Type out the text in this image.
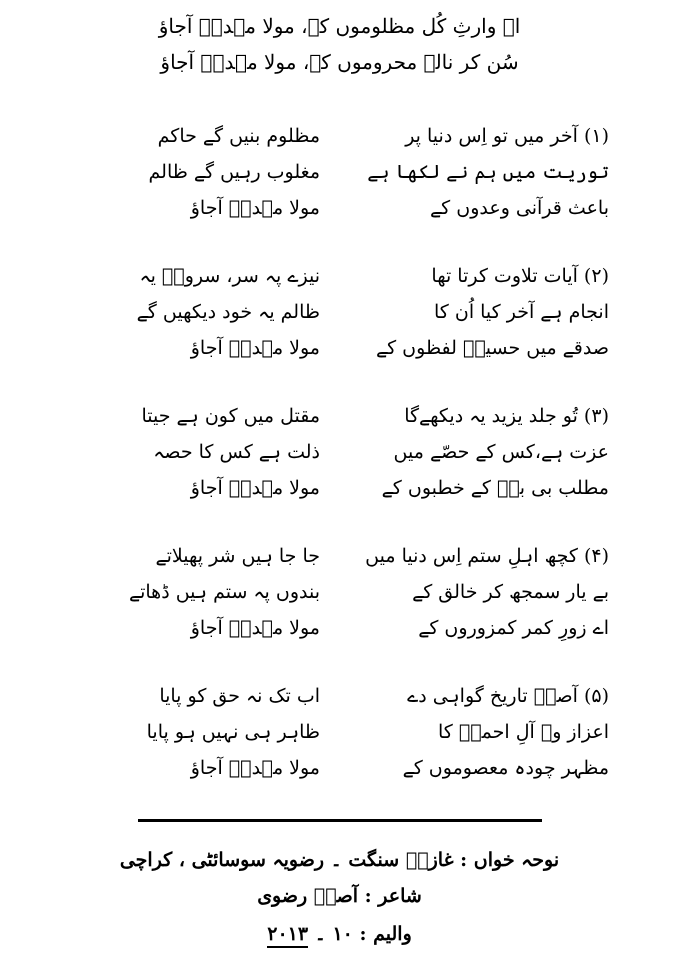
اے وارثِ کُل مظلوموں کے، مولا مہدیؑ آجاؤ
سُن کر نالے محروموں کے، مولا مہدیؑ آجاؤ
(۱) آخر میں تو اِس دنیا پر
توریت میں ہم نے لکھا ہے
باعث قرآنی وعدوں کے
مظلوم بنیں گے حاکم
مغلوب رہیں گے ظالم
مولا مہدیؑ آجاؤ
(۲) آیات تلاوت کرتا تھا
انجام ہے آخر کیا اُن کا
صدقے میں حسینؑ لفظوں کے
نیزے پہ سر، سرورؑ یہ
ظالم یہ خود دیکھیں گے
مولا مہدیؑ آجاؤ
(۳) تُو جلد یزید یہ دیکھےگا
عزت ہے،کس کے حصّے میں
مطلب بی بیؑ کے خطبوں کے
مقتل میں کون ہے جیتا
ذلت ہے کس کا حصہ
مولا مہدیؑ آجاؤ
(۴) کچھ اہلِ ستم اِس دنیا میں
بے یار سمجھ کر خالق کے
اے زورِ کمر کمزوروں کے
جا جا ہیں شر پھیلاتے
بندوں پہ ستم ہیں ڈھاتے
مولا مہدیؑ آجاؤ
(۵) آصفؔ تاریخ گواہی دے
اعزاز وہ آلِ احمدؐ کا
مظہر چودہ معصوموں کے
اب تک نہ حق کو پایا
ظاہر ہی نہیں ہو پایا
مولا مہدیؑ آجاؤ
نوحہ خواں : غازیؑ سنگت ۔ رضویہ سوسائٹی ، کراچی
شاعر : آصفؔ رضوی
والیم : ۱۰ ۔ ۲۰۱۳
